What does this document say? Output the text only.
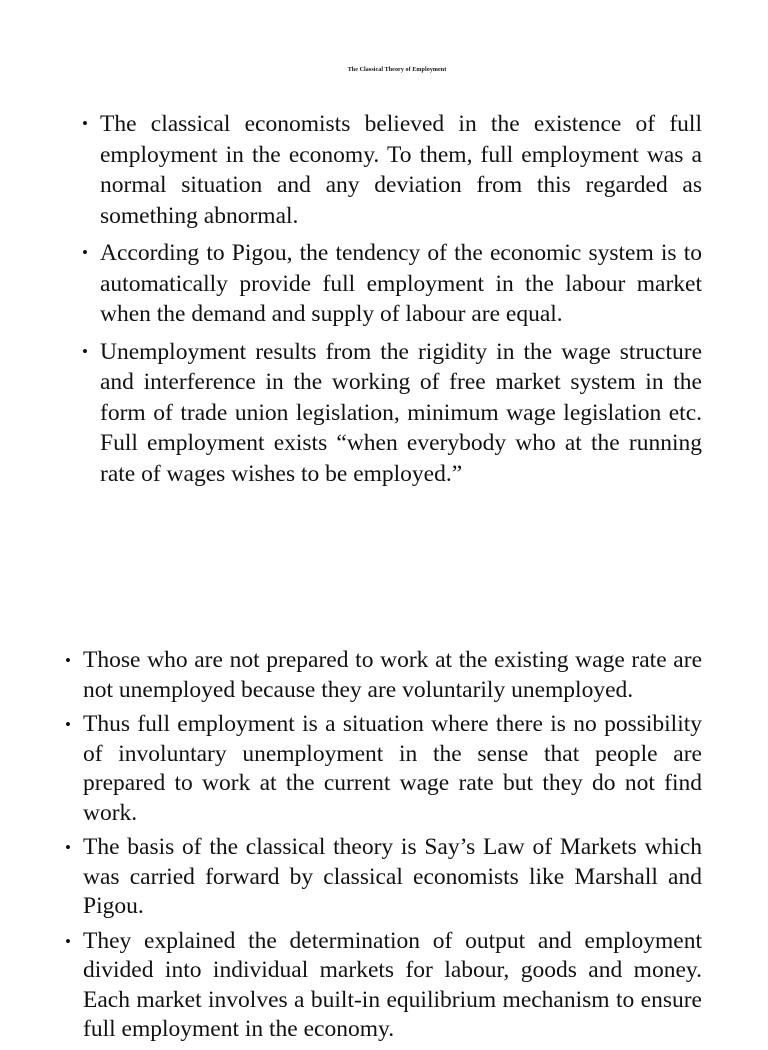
The Classical Theory of Employment
• The classical economists believed in the existence of full employment in the economy. To them, full employment was a normal situation and any deviation from this regarded as something abnormal.
• According to Pigou, the tendency of the economic system is to automatically provide full employment in the labour market when the demand and supply of labour are equal.
• Unemployment results from the rigidity in the wage structure and interference in the working of free market system in the form of trade union legislation, minimum wage legislation etc. Full employment exists “when everybody who at the running rate of wages wishes to be employed.”
• Those who are not prepared to work at the existing wage rate are not unemployed because they are voluntarily unemployed.
• Thus full employment is a situation where there is no possibility of involuntary unemployment in the sense that people are prepared to work at the current wage rate but they do not find work.
• The basis of the classical theory is Say’s Law of Markets which was carried forward by classical economists like Marshall and Pigou.
• They explained the determination of output and employment divided into individual markets for labour, goods and money. Each market involves a built-in equilibrium mechanism to ensure full employment in the economy.
